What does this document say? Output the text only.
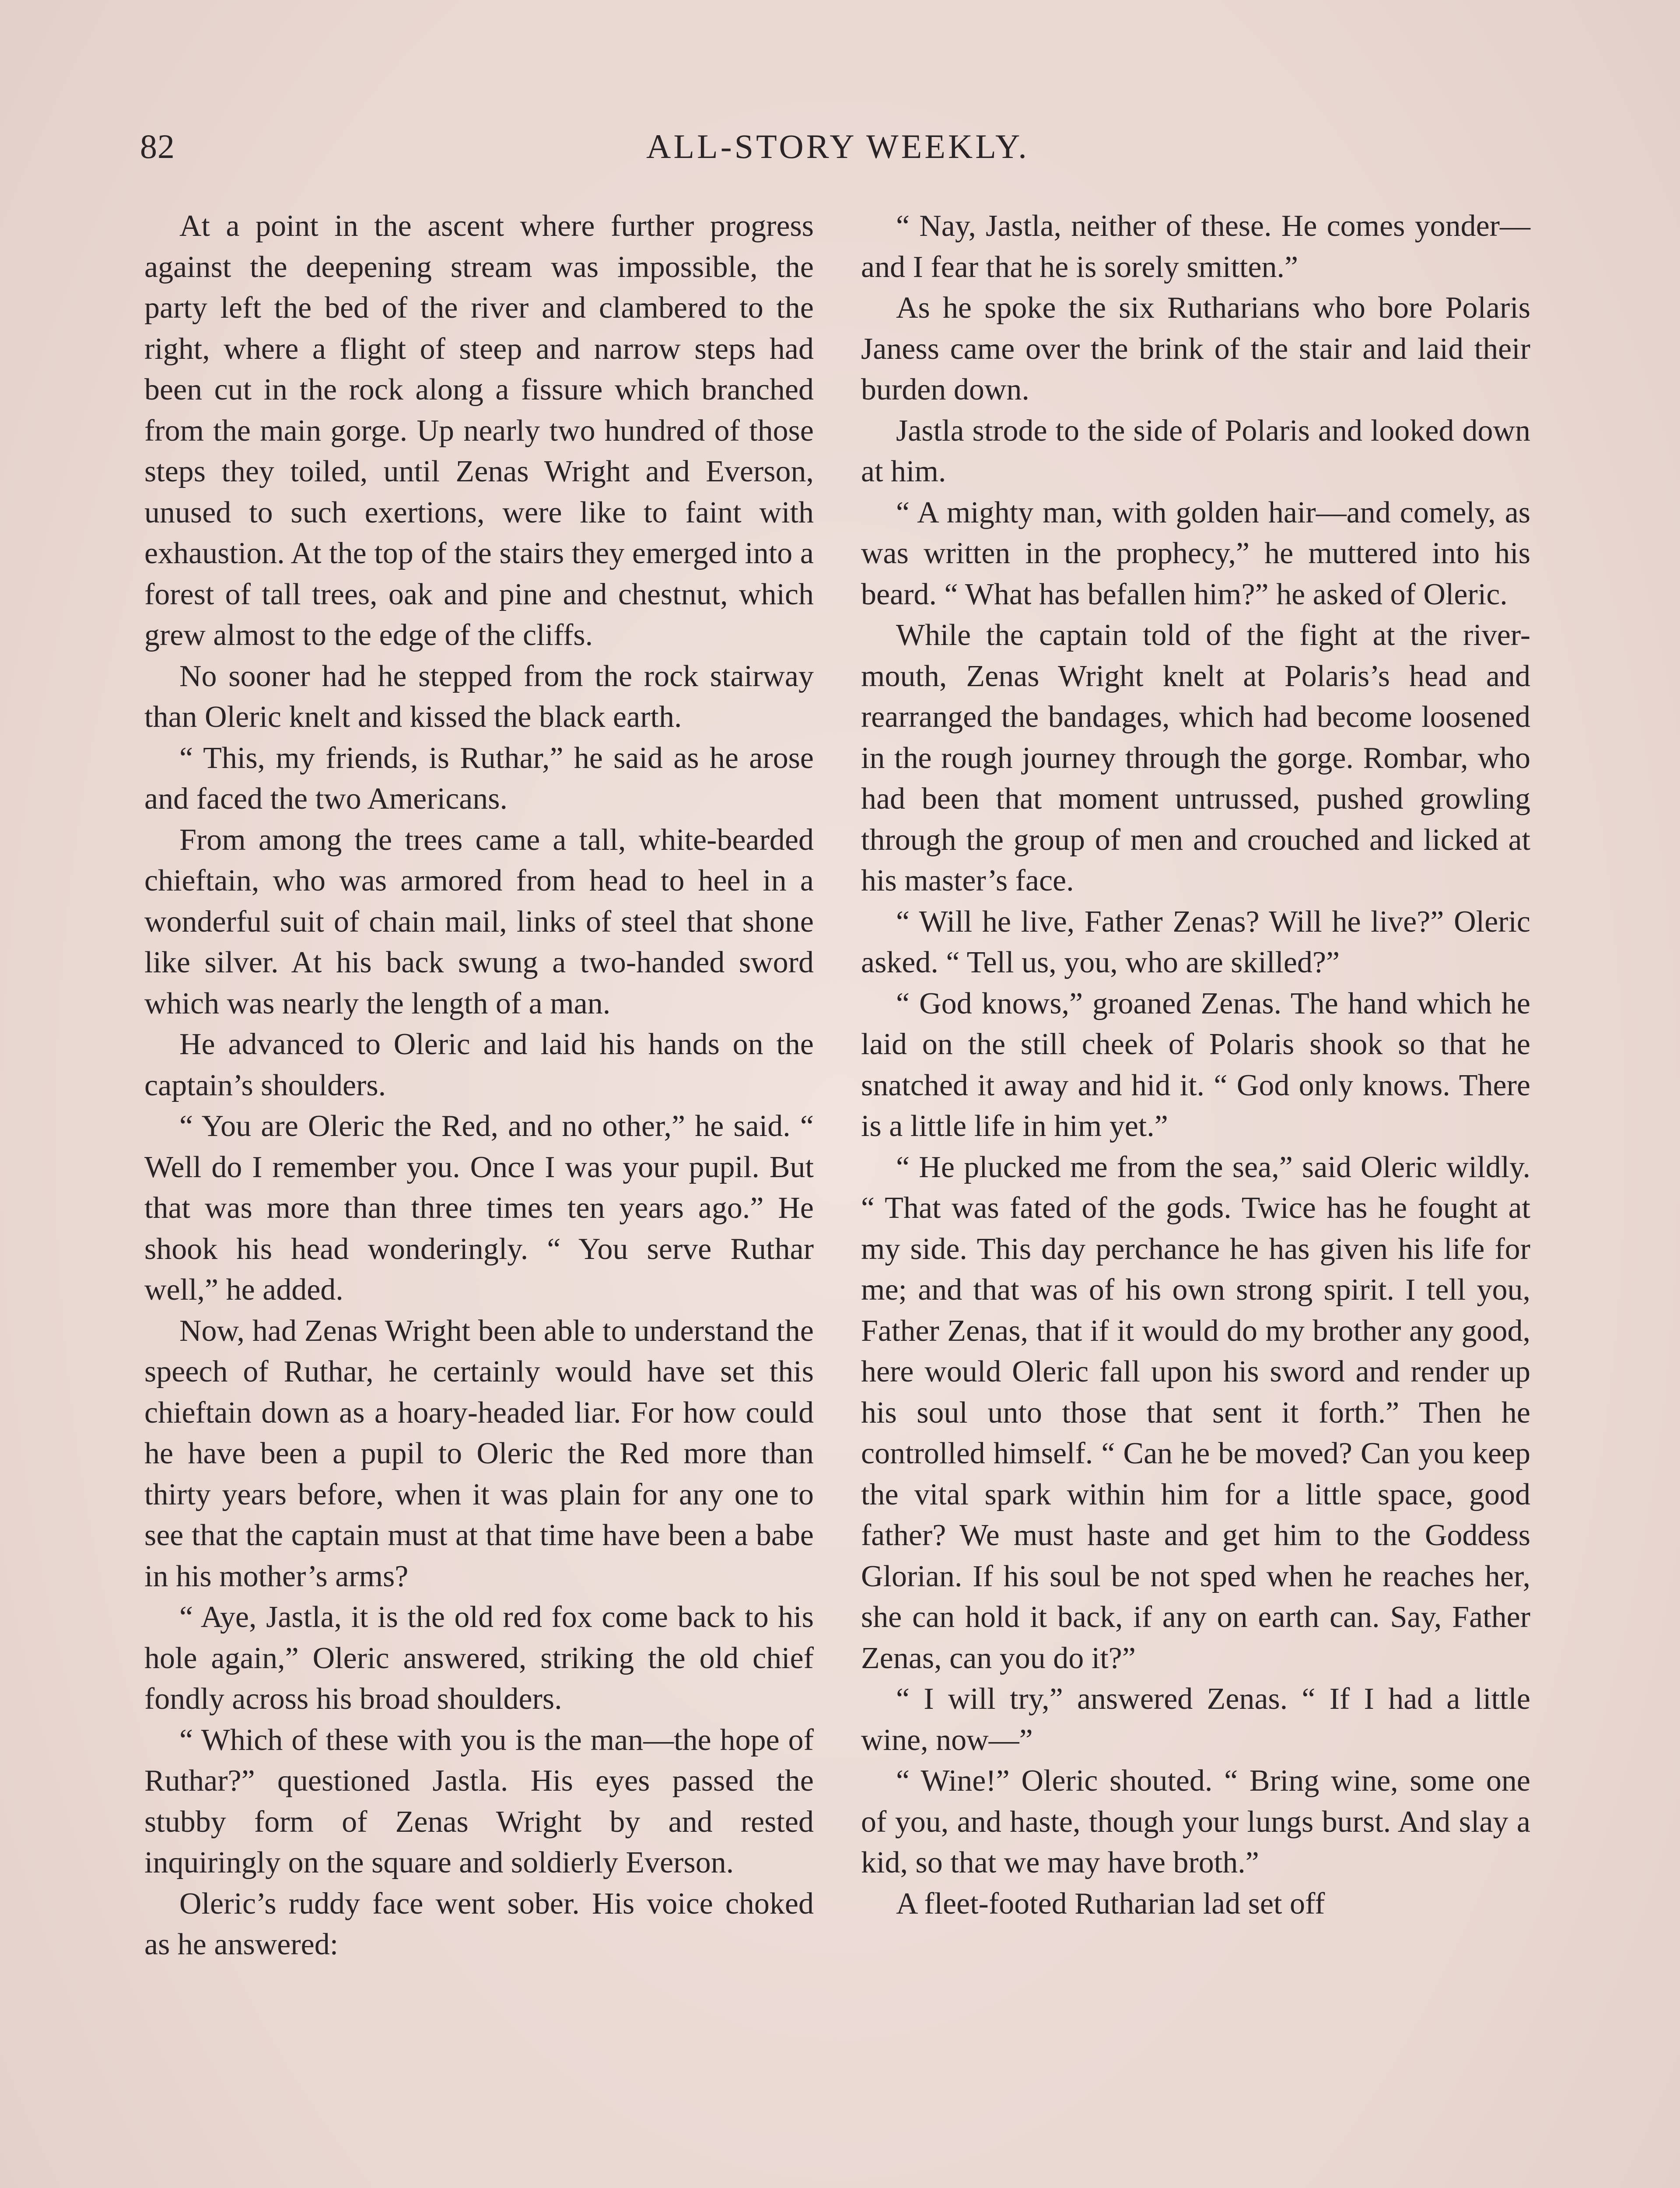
82	ALL-STORY WEEKLY.

At a point in the ascent where further progress against the deepening stream was impossible, the party left the bed of the river and clambered to the right, where a flight of steep and narrow steps had been cut in the rock along a fissure which branched from the main gorge. Up nearly two hundred of those steps they toiled, until Zenas Wright and Everson, unused to such exertions, were like to faint with exhaustion. At the top of the stairs they emerged into a forest of tall trees, oak and pine and chestnut, which grew almost to the edge of the cliffs.

No sooner had he stepped from the rock stairway than Oleric knelt and kissed the black earth.

“ This, my friends, is Ruthar,” he said as he arose and faced the two Americans.

From among the trees came a tall, white-bearded chieftain, who was armored from head to heel in a wonderful suit of chain mail, links of steel that shone like silver. At his back swung a two-handed sword which was nearly the length of a man.

He advanced to Oleric and laid his hands on the captain’s shoulders.

“ You are Oleric the Red, and no other,” he said. “ Well do I remember you. Once I was your pupil. But that was more than three times ten years ago.” He shook his head wonderingly. “ You serve Ruthar well,” he added.

Now, had Zenas Wright been able to understand the speech of Ruthar, he certainly would have set this chieftain down as a hoary-headed liar. For how could he have been a pupil to Oleric the Red more than thirty years before, when it was plain for any one to see that the captain must at that time have been a babe in his mother’s arms?

“ Aye, Jastla, it is the old red fox come back to his hole again,” Oleric answered, striking the old chief fondly across his broad shoulders.

“ Which of these with you is the man—the hope of Ruthar?” questioned Jastla. His eyes passed the stubby form of Zenas Wright by and rested inquiringly on the square and soldierly Everson.

Oleric’s ruddy face went sober. His voice choked as he answered:

“ Nay, Jastla, neither of these. He comes yonder—and I fear that he is sorely smitten.”

As he spoke the six Rutharians who bore Polaris Janess came over the brink of the stair and laid their burden down.

Jastla strode to the side of Polaris and looked down at him.

“ A mighty man, with golden hair—and comely, as was written in the prophecy,” he muttered into his beard. “ What has befallen him?” he asked of Oleric.

While the captain told of the fight at the river-mouth, Zenas Wright knelt at Polaris’s head and rearranged the bandages, which had become loosened in the rough journey through the gorge. Rombar, who had been that moment untrussed, pushed growling through the group of men and crouched and licked at his master’s face.

“ Will he live, Father Zenas? Will he live?” Oleric asked. “ Tell us, you, who are skilled?”

“ God knows,” groaned Zenas. The hand which he laid on the still cheek of Polaris shook so that he snatched it away and hid it. “ God only knows. There is a little life in him yet.”

“ He plucked me from the sea,” said Oleric wildly. “ That was fated of the gods. Twice has he fought at my side. This day perchance he has given his life for me; and that was of his own strong spirit. I tell you, Father Zenas, that if it would do my brother any good, here would Oleric fall upon his sword and render up his soul unto those that sent it forth.” Then he controlled himself. “ Can he be moved? Can you keep the vital spark within him for a little space, good father? We must haste and get him to the Goddess Glorian. If his soul be not sped when he reaches her, she can hold it back, if any on earth can. Say, Father Zenas, can you do it?”

“ I will try,” answered Zenas. “ If I had a little wine, now—”

“ Wine!” Oleric shouted. “ Bring wine, some one of you, and haste, though your lungs burst. And slay a kid, so that we may have broth.”

A fleet-footed Rutharian lad set off
